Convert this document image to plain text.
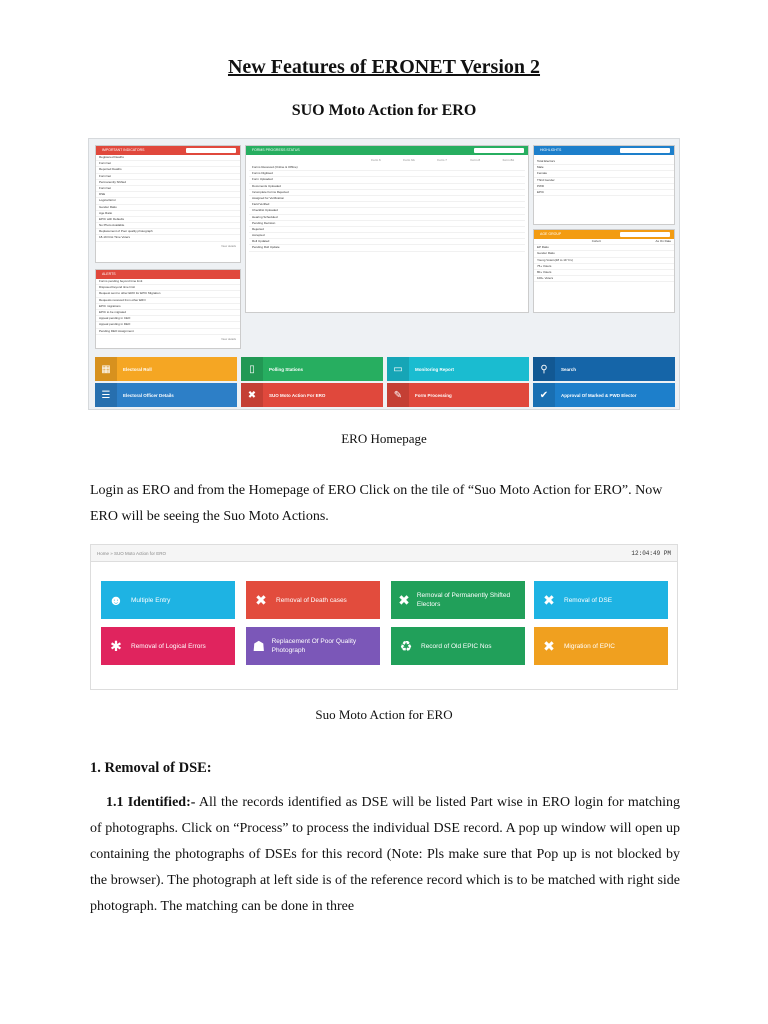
New Features of ERONET Version 2
SUO Moto Action for ERO
IMPORTANT INDICATORS
Registered Deaths
Form/net
Reported Deaths
Form/net
Permanently Shifted
Form/net
DSE
Logical Error
Gender Ratio
Age Ratio
EPIC with Defaults
No Photo Available
Replacement of Poor quality photograph
18-19 First Time Voters
View details
ALERTS
Forms pending beyond time limit
Disposed beyond time limit
Request sent to other ERO for EPIC Migration
Requests received from other ERO
EPIC migrations
EPIC to be migrated
Appeal pending in CEO
Appeal pending in DEO
Pending DEO Assignment
View details
FORMS PROGRESS STATUS
Form 6	Form 6A	Form 7	Form 8	Form 8A
Forms Received (Online & Offline)
Forms Digitised
Form Uploaded
Documents Uploaded
Incomplete Forms Rejected
Assigned for Verification
Field Verified
Checklist Uploaded
Hearing Scheduled
Pending Decision
Rejected
Accepted
Roll Updated
Pending Roll Update
HIGHLIGHTS
Total Electors
Male
Female
Third Gender
PWD
EPIC
AGE GROUP
Cohort	As On Date
EP Ratio
Gender Ratio
Young Voters(18 to 19 Yrs)
75+ Voters
80+ Voters
100+ Voters
▦	Electoral Roll	▯	Polling Stations	▭	Monitoring Report	⚲	Search
☰	Electoral Officer Details	✖	SUO Moto Action For ERO	✎	Form Processing	✔	Approval Of Marked & PWD Elector
ERO Homepage
Login as ERO and from the Homepage of ERO Click on the tile of “Suo Moto Action for ERO”. Now ERO will be seeing the Suo Moto Actions.
Home » SUO Moto Action for ERO	12:04:49 PM
☻	Multiple Entry	✖	Removal of Death cases	✖	Removal of Permanently Shifted Electors	✖	Removal of DSE
✱	Removal of Logical Errors	☗	Replacement Of Poor Quality Photograph	♻	Record of Old EPIC Nos	✖	Migration of EPIC
Suo Moto Action for ERO
1. Removal of DSE:
1.1 Identified:- All the records identified as DSE will be listed Part wise in ERO login for matching of photographs. Click on “Process” to process the individual DSE record. A pop up window will open up containing the photographs of DSEs for this record (Note: Pls make sure that Pop up is not blocked by the browser). The photograph at left side is of the reference record which is to be matched with right side photograph. The matching can be done in three
